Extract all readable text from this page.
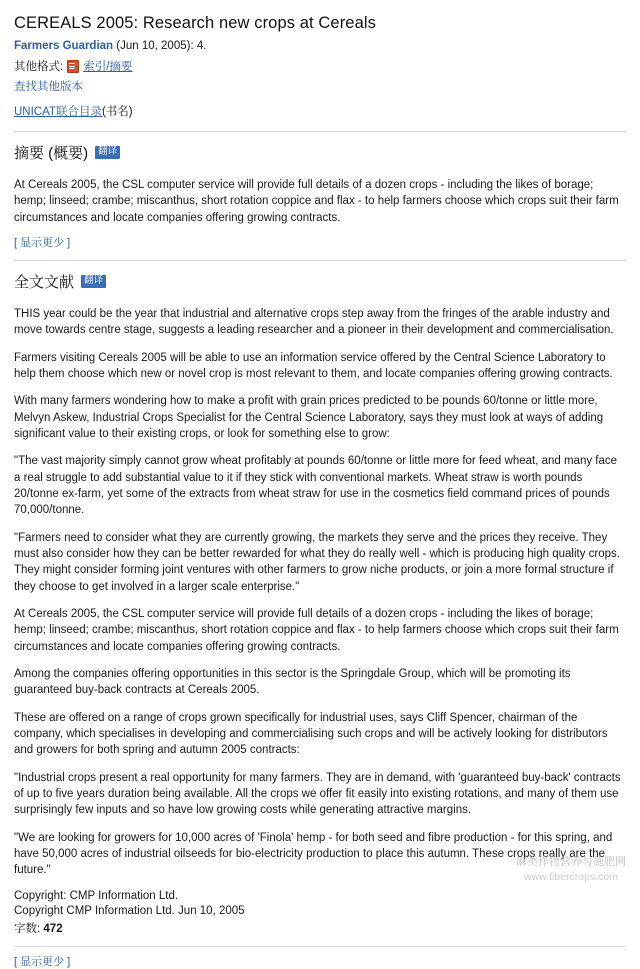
CEREALS 2005: Research new crops at Cereals
Farmers Guardian (Jun 10, 2005): 4.
其他格式: 索引/摘要
查找其他版本
UNICAT联合目录(书名)
摘要 (概要)	翻译

At Cereals 2005, the CSL computer service will provide full details of a dozen crops - including the likes of borage; hemp; linseed; crambe; miscanthus, short rotation coppice and flax - to help farmers choose which crops suit their farm circumstances and locate companies offering growing contracts.

[ 显示更少 ]
全文文献	翻译

THIS year could be the year that industrial and alternative crops step away from the fringes of the arable industry and move towards centre stage, suggests a leading researcher and a pioneer in their development and commercialisation.

Farmers visiting Cereals 2005 will be able to use an information service offered by the Central Science Laboratory to help them choose which new or novel crop is most relevant to them, and locate companies offering growing contracts.

With many farmers wondering how to make a profit with grain prices predicted to be pounds 60/tonne or little more, Melvyn Askew, Industrial Crops Specialist for the Central Science Laboratory, says they must look at ways of adding significant value to their existing crops, or look for something else to grow:

"The vast majority simply cannot grow wheat profitably at pounds 60/tonne or little more for feed wheat, and many face a real struggle to add substantial value to it if they stick with conventional markets. Wheat straw is worth pounds 20/tonne ex-farm, yet some of the extracts from wheat straw for use in the cosmetics field command prices of pounds 70,000/tonne.

"Farmers need to consider what they are currently growing, the markets they serve and the prices they receive. They must also consider how they can be better rewarded for what they do really well - which is producing high quality crops. They might consider forming joint ventures with other farmers to grow niche products, or join a more formal structure if they choose to get involved in a larger scale enterprise."

At Cereals 2005, the CSL computer service will provide full details of a dozen crops - including the likes of borage; hemp; linseed; crambe; miscanthus, short rotation coppice and flax - to help farmers choose which crops suit their farm circumstances and locate companies offering growing contracts.

Among the companies offering opportunities in this sector is the Springdale Group, which will be promoting its guaranteed buy-back contracts at Cereals 2005.

These are offered on a range of crops grown specifically for industrial uses, says Cliff Spencer, chairman of the company, which specialises in developing and commercialising such crops and will be actively looking for distributors and growers for both spring and autumn 2005 contracts:

"Industrial crops present a real opportunity for many farmers. They are in demand, with 'guaranteed buy-back' contracts of up to five years duration being available. All the crops we offer fit easily into existing rotations, and many of them use surprisingly few inputs and so have low growing costs while generating attractive margins.

"We are looking for growers for 10,000 acres of 'Finola' hemp - for both seed and fibre production - for this spring, and have 50,000 acres of industrial oilseeds for bio-electricity production to place this autumn. These crops really are the future."

Copyright: CMP Information Ltd.
Copyright CMP Information Ltd. Jun 10, 2005
字数: 472
[ 显示更少 ]
麻类作物营养与施肥网
www.fibercrops.com
